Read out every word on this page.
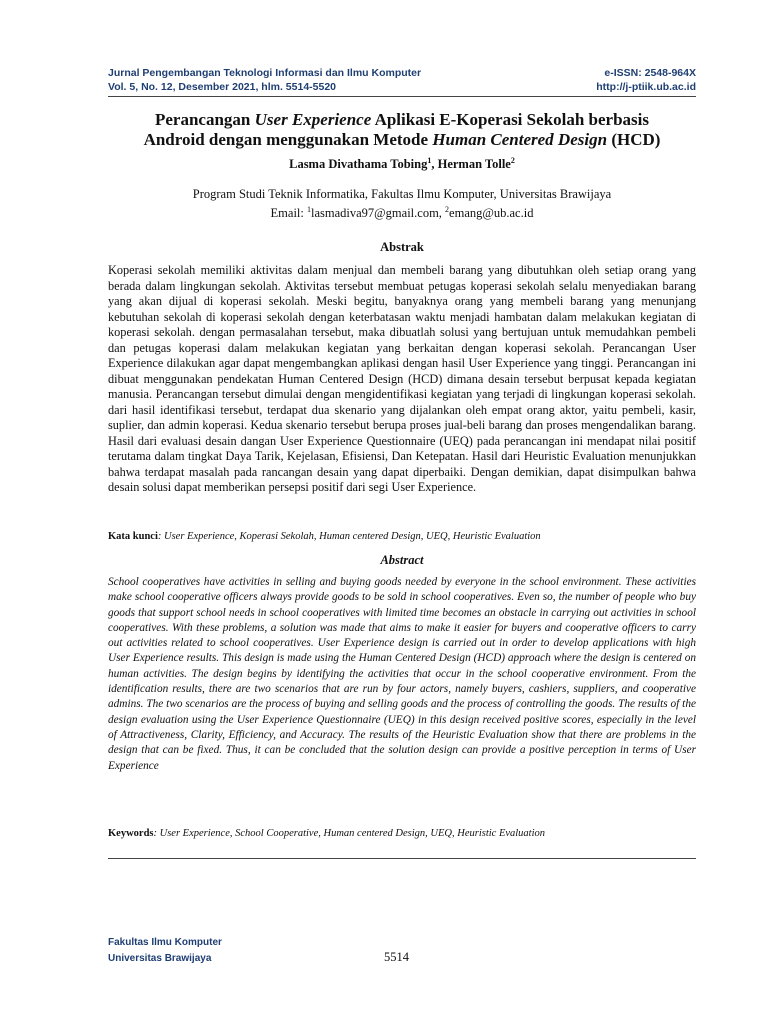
Jurnal Pengembangan Teknologi Informasi dan Ilmu Komputer
Vol. 5, No. 12, Desember 2021, hlm. 5514-5520
e-ISSN: 2548-964X
http://j-ptiik.ub.ac.id
Perancangan User Experience Aplikasi E-Koperasi Sekolah berbasis
Android dengan menggunakan Metode Human Centered Design (HCD)
Lasma Divathama Tobing$^1$, Herman Tolle$^2$
Program Studi Teknik Informatika, Fakultas Ilmu Komputer, Universitas Brawijaya
Email: $^1$lasmadiva97@gmail.com, $^2$emang@ub.ac.id
Abstrak
Koperasi sekolah memiliki aktivitas dalam menjual dan membeli barang yang dibutuhkan oleh setiap orang yang berada dalam lingkungan sekolah. Aktivitas tersebut membuat petugas koperasi sekolah selalu menyediakan barang yang akan dijual di koperasi sekolah. Meski begitu, banyaknya orang yang membeli barang yang menunjang kebutuhan sekolah di koperasi sekolah dengan keterbatasan waktu menjadi hambatan dalam melakukan kegiatan di koperasi sekolah. dengan permasalahan tersebut, maka dibuatlah solusi yang bertujuan untuk memudahkan pembeli dan petugas koperasi dalam melakukan kegiatan yang berkaitan dengan koperasi sekolah. Perancangan User Experience dilakukan agar dapat mengembangkan aplikasi dengan hasil User Experience yang tinggi. Perancangan ini dibuat menggunakan pendekatan Human Centered Design (HCD) dimana desain tersebut berpusat kepada kegiatan manusia. Perancangan tersebut dimulai dengan mengidentifikasi kegiatan yang terjadi di lingkungan koperasi sekolah. dari hasil identifikasi tersebut, terdapat dua skenario yang dijalankan oleh empat orang aktor, yaitu pembeli, kasir, suplier, dan admin koperasi. Kedua skenario tersebut berupa proses jual-beli barang dan proses mengendalikan barang. Hasil dari evaluasi desain dangan User Experience Questionnaire (UEQ) pada perancangan ini mendapat nilai positif terutama dalam tingkat Daya Tarik, Kejelasan, Efisiensi, Dan Ketepatan. Hasil dari Heuristic Evaluation menunjukkan bahwa terdapat masalah pada rancangan desain yang dapat diperbaiki. Dengan demikian, dapat disimpulkan bahwa desain solusi dapat memberikan persepsi positif dari segi User Experience.
Kata kunci: User Experience, Koperasi Sekolah, Human centered Design, UEQ, Heuristic Evaluation
Abstract
School cooperatives have activities in selling and buying goods needed by everyone in the school environment. These activities make school cooperative officers always provide goods to be sold in school cooperatives. Even so, the number of people who buy goods that support school needs in school cooperatives with limited time becomes an obstacle in carrying out activities in school cooperatives. With these problems, a solution was made that aims to make it easier for buyers and cooperative officers to carry out activities related to school cooperatives. User Experience design is carried out in order to develop applications with high User Experience results. This design is made using the Human Centered Design (HCD) approach where the design is centered on human activities. The design begins by identifying the activities that occur in the school cooperative environment. From the identification results, there are two scenarios that are run by four actors, namely buyers, cashiers, suppliers, and cooperative admins. The two scenarios are the process of buying and selling goods and the process of controlling the goods. The results of the design evaluation using the User Experience Questionnaire (UEQ) in this design received positive scores, especially in the level of Attractiveness, Clarity, Efficiency, and Accuracy. The results of the Heuristic Evaluation show that there are problems in the design that can be fixed. Thus, it can be concluded that the solution design can provide a positive perception in terms of User Experience
Keywords: User Experience, School Cooperative, Human centered Design, UEQ, Heuristic Evaluation
Fakultas Ilmu Komputer
Universitas Brawijaya	5514
